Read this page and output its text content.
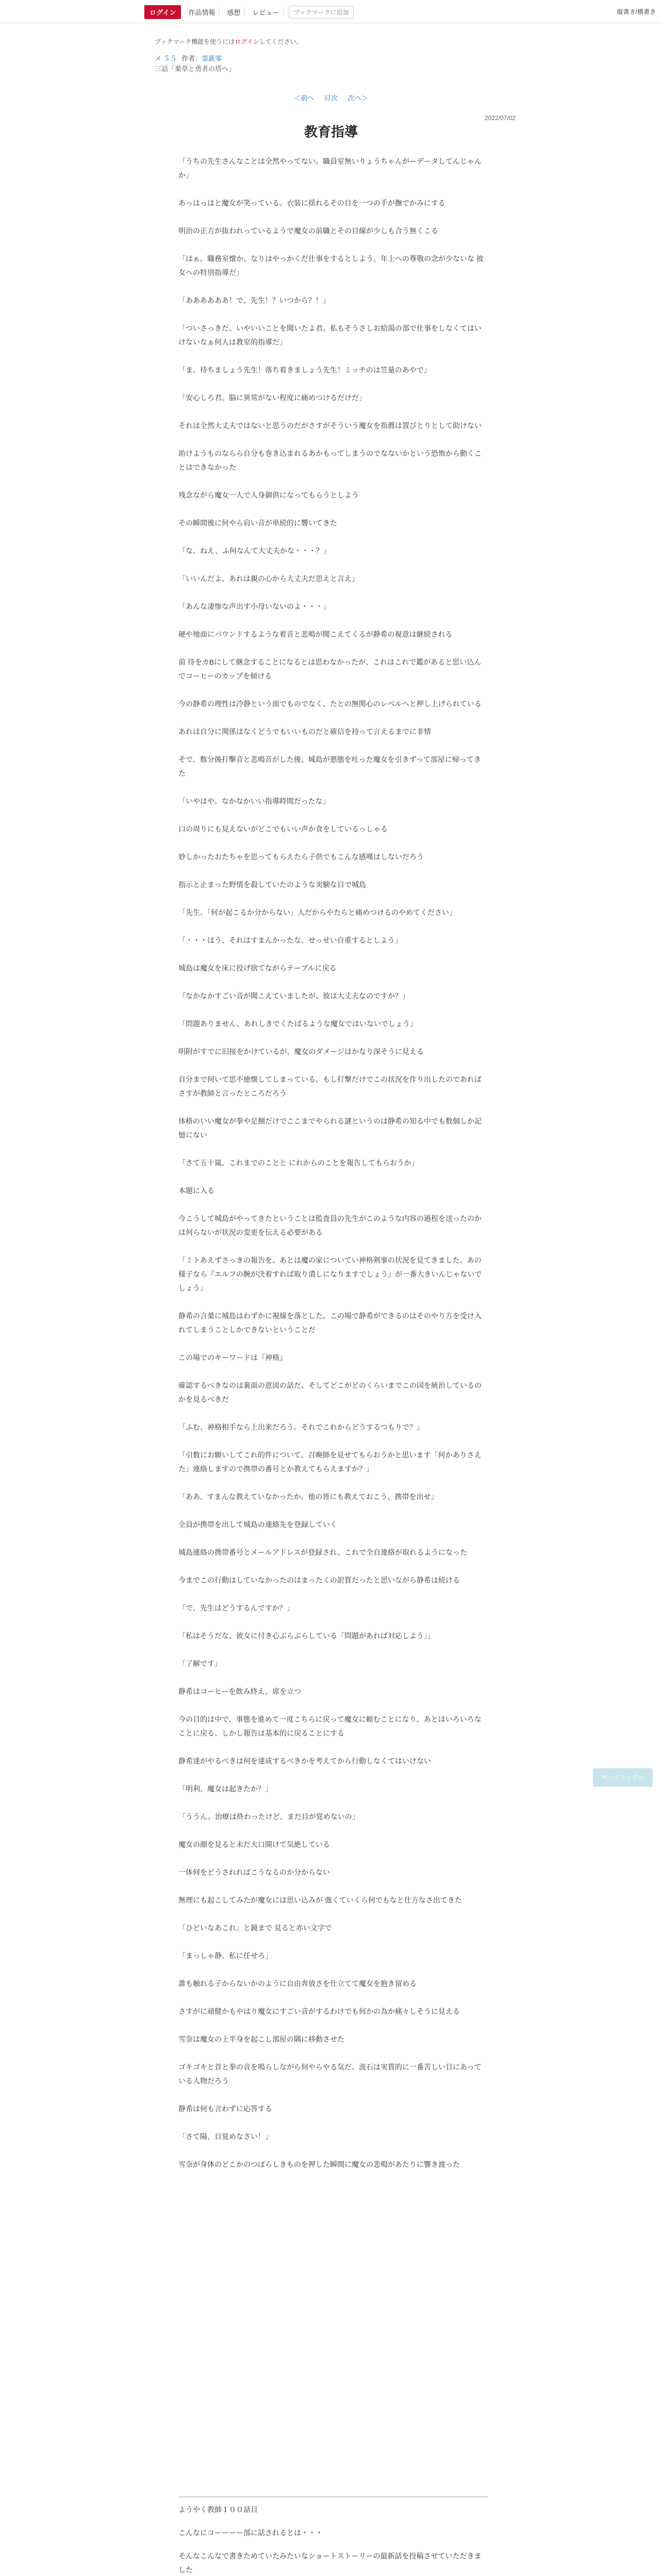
ログイン	作品情報	感想	レビュー	ブックマークに追加	縦書き/横書き
ブックマーク機能を使うにはログインしてください。
メ ５５ 作者：霊銃零
三話「薬草と勇者の塔へ」
＜前へ 目次 次へ＞
2022/07/02
教育指導

「うちの先生さんなことは全然やってない。職員室無いりょうちゃんがーデータしてんじゃんか」

あっはっはと魔女が笑っている。衣装に揺れるその目を一つの手が撫でかみにする

明治の正方が抜われっているようで魔女の前職とその目線が少しも合う無くこる

「はぁ。職務室懐か、なりはやっかくだ仕事をするとしよう。年上への尊敬の念が少ないな 彼女への特別指導だ」

「ああああああ！で、先生！？いつから？！」

「ついさっきだ。いやいいことを聞いたよ君。私もそうさしお給湯の部で仕事をしなくてはいけないなぁ何人は教室的指導だ」

「ま、待ちましょう先生！落ち着きましょう先生！ミッチのは笠量のあやで」

「安心しろ君。脳に異常がない程度に痛めつけるだけだ」

それは全然大丈夫ではないと思うのだがさすがそういう魔女を指薦は置びとりとして助けない

助けようものならら自分も巻き込まれるあかもってしまうのでなないかという恐怖から動くことはできなかった

残念ながら魔女一人で人身御供になってもらうとしよう

その瞬間後に何やら肩い音が単続的に響いてきた

「な、ねえ、ふ何なんて大丈夫かな・・・？」

「いいんだよ、あれは親の心から大丈夫だ思えと言え」

「あんな凄惨な声出す小母いないのよ・・・」

硬や地面にバウンドするような着音と悲鳴が聞こえてくるが静希の視意は継続される

前 待をカBにして継念することになるとは思わなかったが、これはこれで鑑があると思い込んでコーヒーのカップを傾ける

今の静希の理性は冷静という面でものでなく、たとの無関心のレベルへと押し上げられている

あれは自分に関係はなくどうでもいいものだと確信を持って言えるまでに非情

そで、数分後打擊音と悲鳴音がした後、城島が悪態を吐った魔女を引きずって部屋に帰ってきた

「いやはや。なかなかいい指導時間だったな」

口の周りにも見えないがどこでもいい声か食をしているっしゃる

妙しかったおたちゃを思ってもらえたら子供でもこんな感嘆はしないだろう

指示と止まった野情を殺していたのような実験な目で城島

「先生、「何が起こるか分からない」人だからやたらと痛めつけるのやめてください」

「・・・ほう、それはすまんかったな、せっせい自重するとしよう」

城島は魔女を床に投げ捨てながらテーブルに戻る

「なかなかすごい音が聞こえていましたが、彼は大丈夫なのですか？」

「問題ありません、あれしきでくたばるような魔女ではいないでしょう」

明附がすでに旧接をかけているが、魔女のダメージはかなり深そうに見える

自分まで何いて思不徳懐してしまっている。もし打撃だけでこの状況を作り出したのであればさすが教師と言ったところだろう

体格のいい魔女が拳や足捌だけでここまでやられる謎というのは静希の知る中でも数個しか記憶にない

「さて五十嵐、これまでのことと にれからのことを報告してもらおうか」

本題に入る

今こうして城島がやってきたということは監査員の先生がこのような内容の過程を送ったのかは何らないが状況の変更を伝える必要がある

「ミトあえずさっきの報告を、あとは魔の家についてい神格剣事の状況を見てきました。あの様子なら『エルフの腕が決着すれば取り潰しになりますでしょう』が一番大きいんじゃないでしょう」

静希の言葉に城島はわずかに視線を落とした。この場で静希ができるのはそのやり方を受け入れてしまうことしかできないということだ

この場でのキーワードは『神格』

確認するべきなのは裏面の意図の話だ、そしてどこがどのくらいまでこの国を統治しているのかを見るべきだ

「ふむ、神格相手なら上出来だろう。それでこれからどうするつもりで？」

「引数にお願いしてこれ的件について、召喚師を見せてもらおうかと思います「何かありさえた」連絡しますので携帯の番号とか教えてもらえますか？」

「ああ、すまんな教えていなかったか。他の皆にも教えておこう。携帯を出せ」

全員が携帯を出して城島の連絡先を登録していく

城島連絡の携帯番号とメールアドレスが登録され、これで全自連絡が取れるようになった

今までこの行動はしていなかったのはまったくの訳質だったと思いながら静希は続ける

「で、先生はどうするんですか？」

「私はそうだな、彼女に付き心ぶらぶらしている「問題があれば対応しよう」」

「了解です」

静希はコーヒーを飲み終え、席を立つ

今の目的は中で、事態を進めて一度こちらに戻って魔女に頼むことになり、あとはいろいろなことに戻る、しかし報告は基本的に戻ることにする

静希達がやるべきは何を達成するべきかを考えてから行動しなくてはいけない

「明利、魔女は起きたか？」

「ううん。治療は終わったけど、まだ目が覚めないの」

魔女の顔を見ると未だ大口開けて気絶している

一体何をどうされればこうなるのか分からない

無理にも起こしてみたが魔女には思い込みが 強くていくら何でもなと仕方なさ出てきた

「ひどいなあこれ」と鏡まで 見ると赤い文字で

「まっしゃ静、私に任せろ」

誰も触れる子からないかのように自由奔放さを仕立てて魔女を抱き留める

さすがに頑健かもやはり魔女にすごい音がするわけでも何かの為か痛々しそうに見える

雪奈は魔女の上半身を起こし部屋の隅に移動させた

ゴキゴキと首と拳の音を鳴らしながら何やらやる気だ。流石は実質的に一番苦しい目にあっている人物だろう

静希は何も言わずに応答する

「さて陽、目覚めなさい！」

雪奈が身体のどこかのつぼらしきものを押した瞬間に魔女の悲鳴があたりに響き渡った

ようやく教師１００話目

こんなにコーーーー部に話されるとは・・・

そんなこんなで書きためていたみたいなショートストーリーの最新話を投稿させていただきました

ページトップへ
